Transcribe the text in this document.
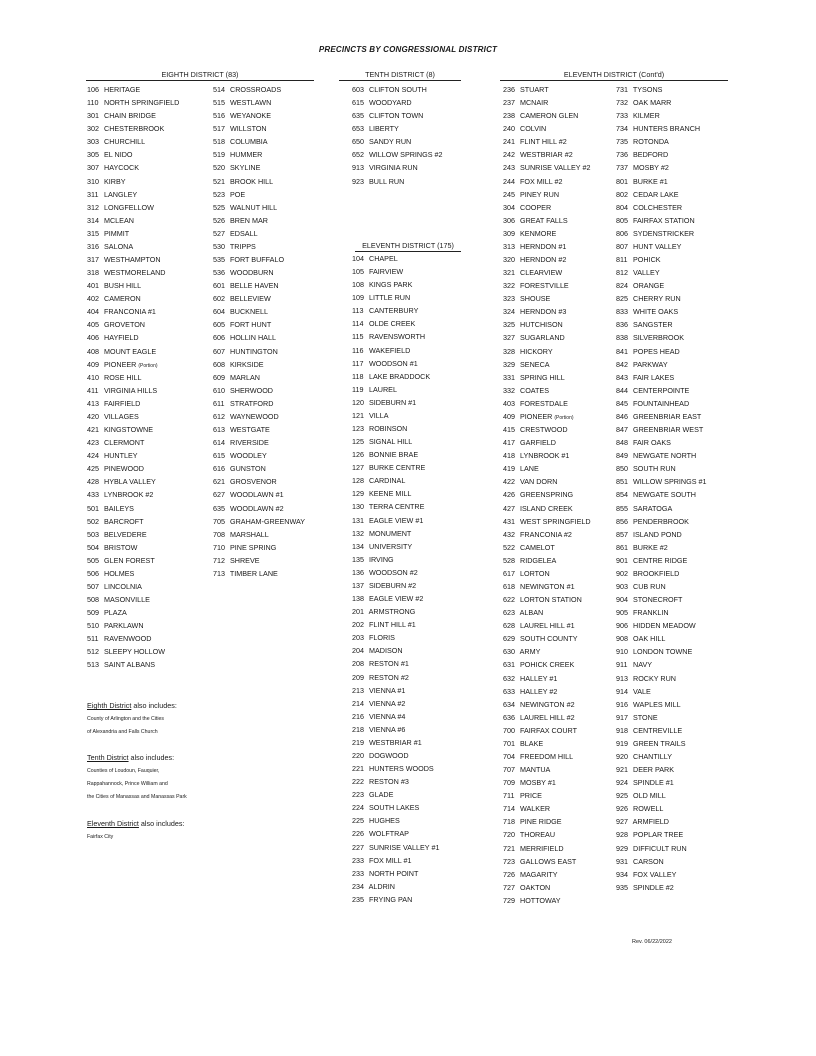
PRECINCTS BY CONGRESSIONAL DISTRICT
EIGHTH DISTRICT (83)	TENTH DISTRICT (8)
ELEVENTH DISTRICT (175)
ELEVENTH DISTRICT (Cont'd)
106 HERITAGE
110 NORTH SPRINGFIELD
301 CHAIN BRIDGE
302 CHESTERBROOK
303 CHURCHILL
305 EL NIDO
307 HAYCOCK
310 KIRBY
311 LANGLEY
312 LONGFELLOW
314 MCLEAN
315 PIMMIT
316 SALONA
317 WESTHAMPTON
318 WESTMORELAND
401 BUSH HILL
402 CAMERON
404 FRANCONIA #1
405 GROVETON
406 HAYFIELD
408 MOUNT EAGLE
409 PIONEER (Portion)
410 ROSE HILL
411 VIRGINIA HILLS
413 FAIRFIELD
420 VILLAGES
421 KINGSTOWNE
423 CLERMONT
424 HUNTLEY
425 PINEWOOD
428 HYBLA VALLEY
433 LYNBROOK #2
501 BAILEYS
502 BARCROFT
503 BELVEDERE
504 BRISTOW
505 GLEN FOREST
506 HOLMES
507 LINCOLNIA
508 MASONVILLE
509 PLAZA
510 PARKLAWN
511 RAVENWOOD
512 SLEEPY HOLLOW
513 SAINT ALBANS
514 CROSSROADS
515 WESTLAWN
516 WEYANOKE
517 WILLSTON
518 COLUMBIA
519 HUMMER
520 SKYLINE
521 BROOK HILL
523 POE
525 WALNUT HILL
526 BREN MAR
527 EDSALL
530 TRIPPS
535 FORT BUFFALO
536 WOODBURN
601 BELLE HAVEN
602 BELLEVIEW
604 BUCKNELL
605 FORT HUNT
606 HOLLIN HALL
607 HUNTINGTON
608 KIRKSIDE
609 MARLAN
610 SHERWOOD
611 STRATFORD
612 WAYNEWOOD
613 WESTGATE
614 RIVERSIDE
615 WOODLEY
616 GUNSTON
621 GROSVENOR
627 WOODLAWN #1
635 WOODLAWN #2
705 GRAHAM-GREENWAY
708 MARSHALL
710 PINE SPRING
712 SHREVE
713 TIMBER LANE
603 CLIFTON SOUTH
615 WOODYARD
635 CLIFTON TOWN
653 LIBERTY
650 SANDY RUN
652 WILLOW SPRINGS #2
913 VIRGINIA RUN
923 BULL RUN
104 CHAPEL
105 FAIRVIEW
108 KINGS PARK
109 LITTLE RUN
113 CANTERBURY
114 OLDE CREEK
115 RAVENSWORTH
116 WAKEFIELD
117 WOODSON #1
118 LAKE BRADDOCK
119 LAUREL
120 SIDEBURN #1
121 VILLA
123 ROBINSON
125 SIGNAL HILL
126 BONNIE BRAE
127 BURKE CENTRE
128 CARDINAL
129 KEENE MILL
130 TERRA CENTRE
131 EAGLE VIEW #1
132 MONUMENT
134 UNIVERSITY
135 IRVING
136 WOODSON #2
137 SIDEBURN #2
138 EAGLE VIEW #2
201 ARMSTRONG
202 FLINT HILL #1
203 FLORIS
204 MADISON
208 RESTON #1
209 RESTON #2
213 VIENNA #1
214 VIENNA #2
216 VIENNA #4
218 VIENNA #6
219 WESTBRIAR #1
220 DOGWOOD
221 HUNTERS WOODS
222 RESTON #3
223 GLADE
224 SOUTH LAKES
225 HUGHES
226 WOLFTRAP
227 SUNRISE VALLEY #1
233 FOX MILL #1
233 NORTH POINT
234 ALDRIN
235 FRYING PAN
236 STUART
237 MCNAIR
238 CAMERON GLEN
240 COLVIN
241 FLINT HILL #2
242 WESTBRIAR #2
243 SUNRISE VALLEY #2
244 FOX MILL #2
245 PINEY RUN
304 COOPER
306 GREAT FALLS
309 KENMORE
313 HERNDON #1
320 HERNDON #2
321 CLEARVIEW
322 FORESTVILLE
323 SHOUSE
324 HERNDON #3
325 HUTCHISON
327 SUGARLAND
328 HICKORY
329 SENECA
331 SPRING HILL
332 COATES
403 FORESTDALE
409 PIONEER (Portion)
415 CRESTWOOD
417 GARFIELD
418 LYNBROOK #1
419 LANE
422 VAN DORN
426 GREENSPRING
427 ISLAND CREEK
431 WEST SPRINGFIELD
432 FRANCONIA #2
522 CAMELOT
528 RIDGELEA
617 LORTON
618 NEWINGTON #1
622 LORTON STATION
623 ALBAN
628 LAUREL HILL #1
629 SOUTH COUNTY
630 ARMY
631 POHICK CREEK
632 HALLEY #1
633 HALLEY #2
634 NEWINGTON #2
636 LAUREL HILL #2
700 FAIRFAX COURT
701 BLAKE
704 FREEDOM HILL
707 MANTUA
709 MOSBY #1
711 PRICE
714 WALKER
718 PINE RIDGE
720 THOREAU
721 MERRIFIELD
723 GALLOWS EAST
726 MAGARITY
727 OAKTON
729 HOTTOWAY
731 TYSONS
732 OAK MARR
733 KILMER
734 HUNTERS BRANCH
735 ROTONDA
736 BEDFORD
737 MOSBY #2
801 BURKE #1
802 CEDAR LAKE
804 COLCHESTER
805 FAIRFAX STATION
806 SYDENSTRICKER
807 HUNT VALLEY
811 POHICK
812 VALLEY
824 ORANGE
825 CHERRY RUN
833 WHITE OAKS
836 SANGSTER
838 SILVERBROOK
841 POPES HEAD
842 PARKWAY
843 FAIR LAKES
844 CENTERPOINTE
845 FOUNTAINHEAD
846 GREENBRIAR EAST
847 GREENBRIAR WEST
848 FAIR OAKS
849 NEWGATE NORTH
850 SOUTH RUN
851 WILLOW SPRINGS #1
854 NEWGATE SOUTH
855 SARATOGA
856 PENDERBROOK
857 ISLAND POND
861 BURKE #2
901 CENTRE RIDGE
902 BROOKFIELD
903 CUB RUN
904 STONECROFT
905 FRANKLIN
906 HIDDEN MEADOW
908 OAK HILL
910 LONDON TOWNE
911 NAVY
913 ROCKY RUN
914 VALE
916 WAPLES MILL
917 STONE
918 CENTREVILLE
919 GREEN TRAILS
920 CHANTILLY
921 DEER PARK
924 SPINDLE #1
925 OLD MILL
926 ROWELL
927 ARMFIELD
928 POPLAR TREE
929 DIFFICULT RUN
931 CARSON
934 FOX VALLEY
935 SPINDLE #2
Eighth District also includes:
County of Arlington and the Cities
of Alexandria and Falls Church
Tenth District also includes:
Counties of Loudoun, Fauquier,
Rappahannock, Prince William and
the Cities of Manassas and Manassas Park
Eleventh District also includes:
Fairfax City
Rev. 06/22/2022
